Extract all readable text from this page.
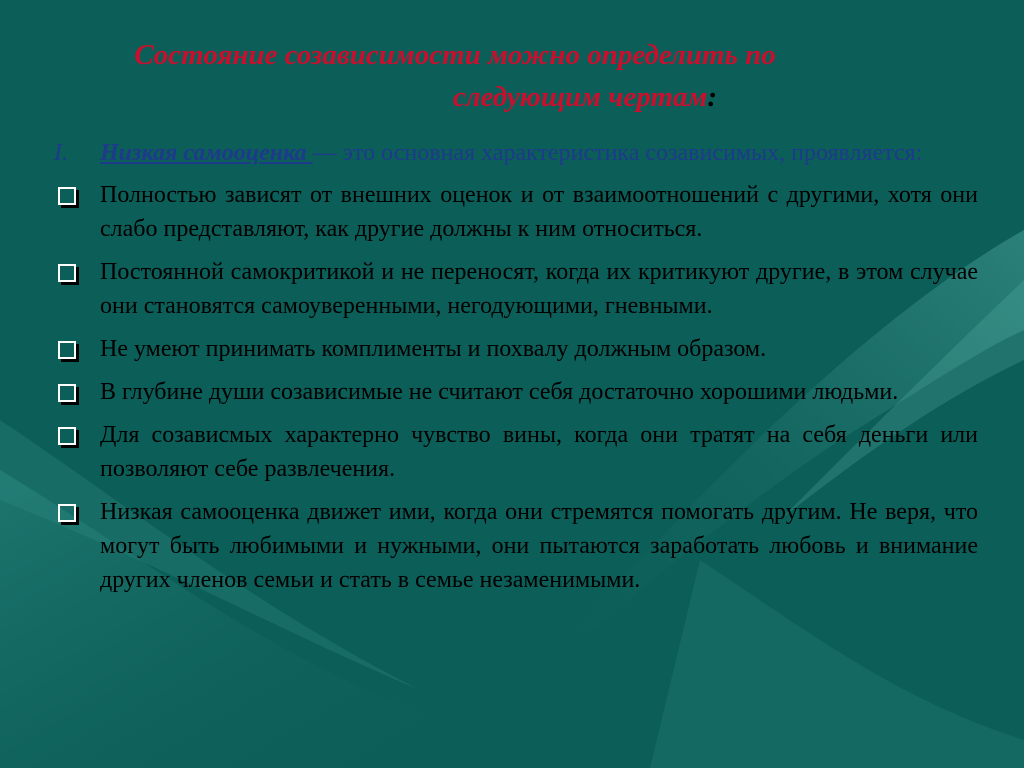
Состояние созависимости можно определить по
следующим чертам:
I. Низкая самооценка — это основная характеристика созависимых, проявляется:
Полностью зависят от внешних оценок и от взаимоотношений с другими, хотя они слабо представляют, как другие должны к ним относиться.
Постоянной самокритикой и не переносят, когда их критикуют другие, в этом случае они становятся самоуверенными, негодующими, гневными.
Не умеют принимать комплименты и похвалу должным образом.
В глубине души созависимые не считают себя достаточно хорошими людьми.
Для созависмых характерно чувство вины, когда они тратят на себя деньги или позволяют себе развлечения.
Низкая самооценка движет ими, когда они стремятся помогать другим. Не веря, что могут быть любимыми и нужными, они пытаются заработать любовь и внимание других членов семьи и стать в семье незаменимыми.
